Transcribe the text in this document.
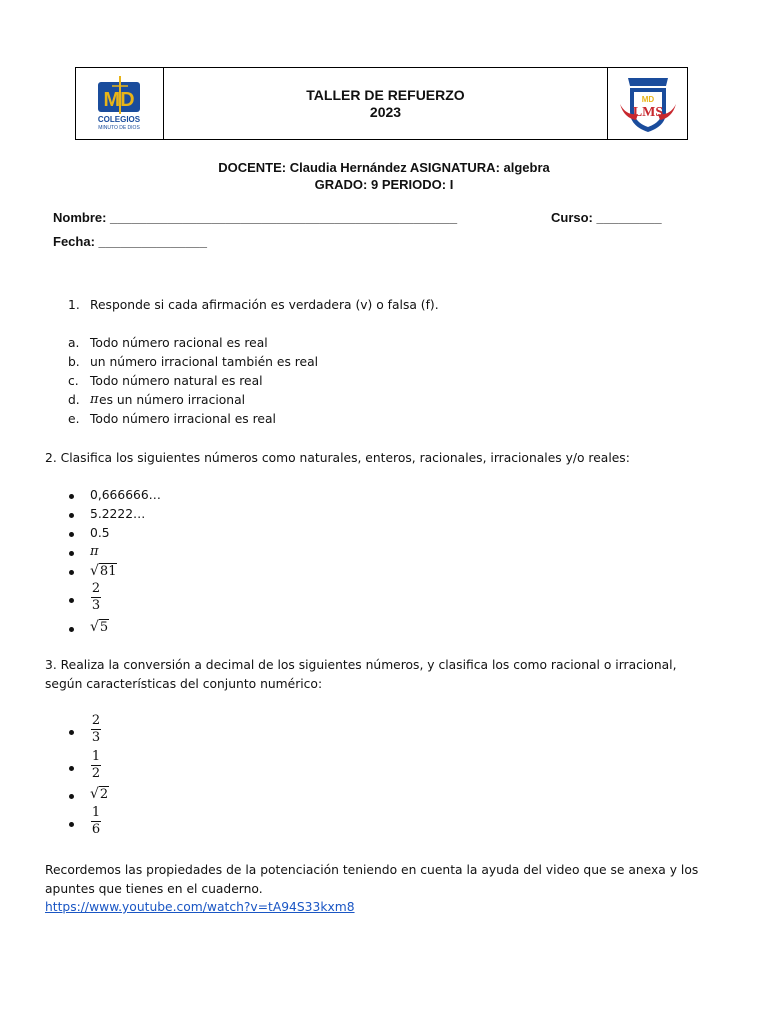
MD
COLEGIOS
MINUTO DE DIOS
TALLER DE REFUERZO
2023
MD
LMS
DOCENTE: Claudia Hernández ASIGNATURA: algebra
GRADO: 9 PERIODO: I
Nombre: ________________________________________________	Curso: _________
Fecha: _______________
1. Responde si cada afirmación es verdadera (v) o falsa (f).
a. Todo número racional es real
b. un número irracional también es real
c. Todo número natural es real
d. π es un número irracional
e. Todo número irracional es real
2. Clasifica los siguientes números como naturales, enteros, racionales, irracionales y/o reales:
0,666666…
5.2222…
0.5
π
√81
2
3
√5
3. Realiza la conversión a decimal de los siguientes números, y clasifica los como racional o irracional, según características del conjunto numérico:
2
3
1
2
√2
1
6
Recordemos las propiedades de la potenciación teniendo en cuenta la ayuda del video que se anexa y los apuntes que tienes en el cuaderno.
https://www.youtube.com/watch?v=tA94S33kxm8
